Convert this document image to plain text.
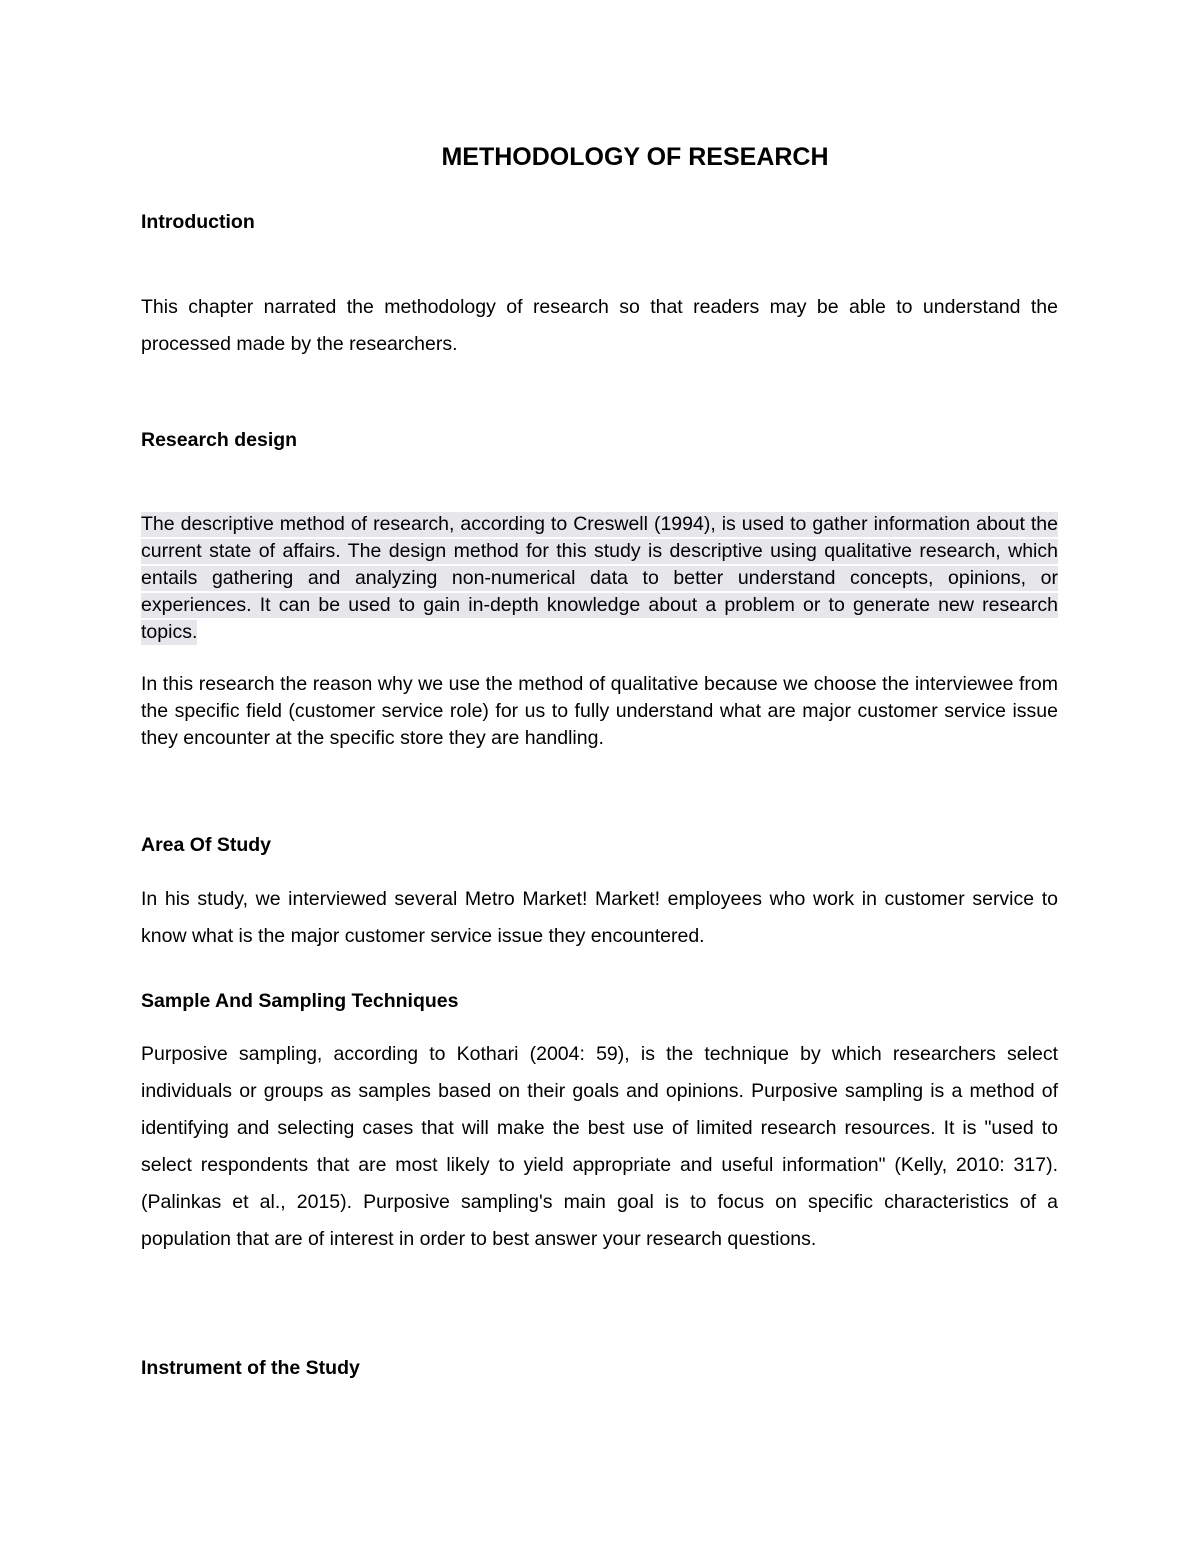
METHODOLOGY OF RESEARCH
Introduction

This chapter narrated the methodology of research so that readers may be able to understand the processed made by the researchers.

Research design

The descriptive method of research, according to Creswell (1994), is used to gather information about the current state of affairs. The design method for this study is descriptive using qualitative research, which entails gathering and analyzing non-numerical data to better understand concepts, opinions, or experiences. It can be used to gain in-depth knowledge about a problem or to generate new research topics.

In this research the reason why we use the method of qualitative because we choose the interviewee from the specific field (customer service role) for us to fully understand what are major customer service issue they encounter at the specific store they are handling.

Area Of Study

In his study, we interviewed several Metro Market! Market! employees who work in customer service to know what is the major customer service issue they encountered.

Sample And Sampling Techniques

Purposive sampling, according to Kothari (2004: 59), is the technique by which researchers select individuals or groups as samples based on their goals and opinions. Purposive sampling is a method of identifying and selecting cases that will make the best use of limited research resources. It is "used to select respondents that are most likely to yield appropriate and useful information" (Kelly, 2010: 317). (Palinkas et al., 2015). Purposive sampling's main goal is to focus on specific characteristics of a population that are of interest in order to best answer your research questions.

Instrument of the Study
